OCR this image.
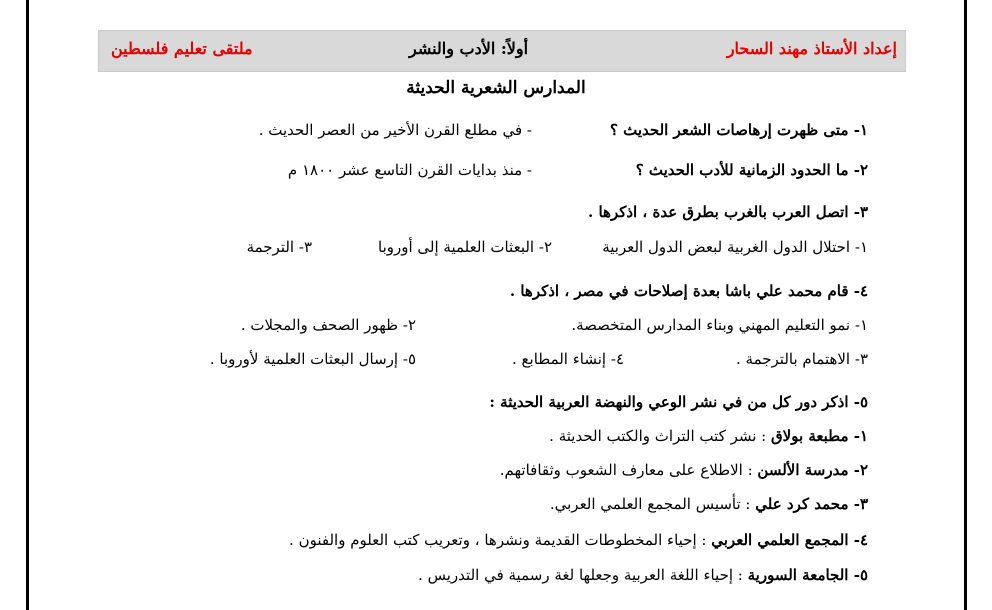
إعداد الأستاذ مهند السحار
أولاً: الأدب والنشر
ملتقى تعليم فلسطين
المدارس الشعرية الحديثة
١- متى ظهرت إرهاصات الشعر الحديث ؟
- في مطلع القرن الأخير من العصر الحديث .
٢- ما الحدود الزمانية للأدب الحديث ؟
- منذ بدايات القرن التاسع عشر ١٨٠٠ م
٣- اتصل العرب بالغرب بطرق عدة ، اذكرها .
١- احتلال الدول الغربية لبعض الدول العربية
٢- البعثات العلمية إلى أوروبا
٣- الترجمة
٤- قام محمد علي باشا بعدة إصلاحات في مصر ، اذكرها .
١- نمو التعليم المهني وبناء المدارس المتخصصة.
٢- ظهور الصحف والمجلات .
٣- الاهتمام بالترجمة .
٤- إنشاء المطابع .
٥- إرسال البعثات العلمية لأوروبا .
٥- اذكر دور كل من في نشر الوعي والنهضة العربية الحديثة :
١- مطبعة بولاق : نشر كتب التراث والكتب الحديثة .
٢- مدرسة الألسن : الاطلاع على معارف الشعوب وثقافاتهم.
٣- محمد كرد علي : تأسيس المجمع العلمي العربي.
٤- المجمع العلمي العربي : إحياء المخطوطات القديمة ونشرها ، وتعريب كتب العلوم والفنون .
٥- الجامعة السورية : إحياء اللغة العربية وجعلها لغة رسمية في التدريس .
